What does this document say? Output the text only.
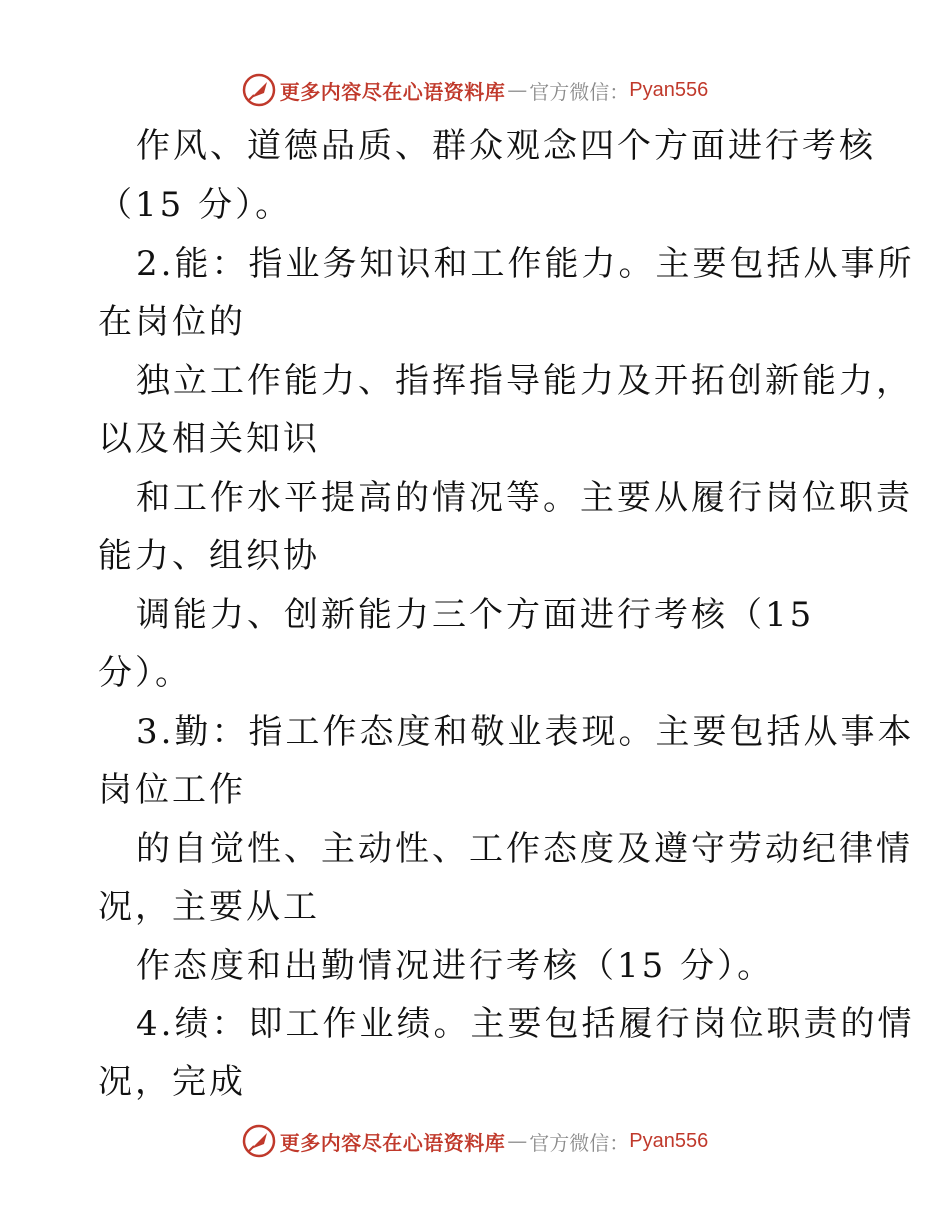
更多内容尽在心语资料库 — 官方微信： Pyan556
作风、道德品质、群众观念四个方面进行考核
（15 分）。
2.能：指业务知识和工作能力。主要包括从事所
在岗位的
独立工作能力、指挥指导能力及开拓创新能力，
以及相关知识
和工作水平提高的情况等。主要从履行岗位职责
能力、组织协
调能力、创新能力三个方面进行考核（15
分）。
3.勤：指工作态度和敬业表现。主要包括从事本
岗位工作
的自觉性、主动性、工作态度及遵守劳动纪律情
况，主要从工
作态度和出勤情况进行考核（15 分）。
4.绩：即工作业绩。主要包括履行岗位职责的情
况，完成
更多内容尽在心语资料库 — 官方微信： Pyan556
